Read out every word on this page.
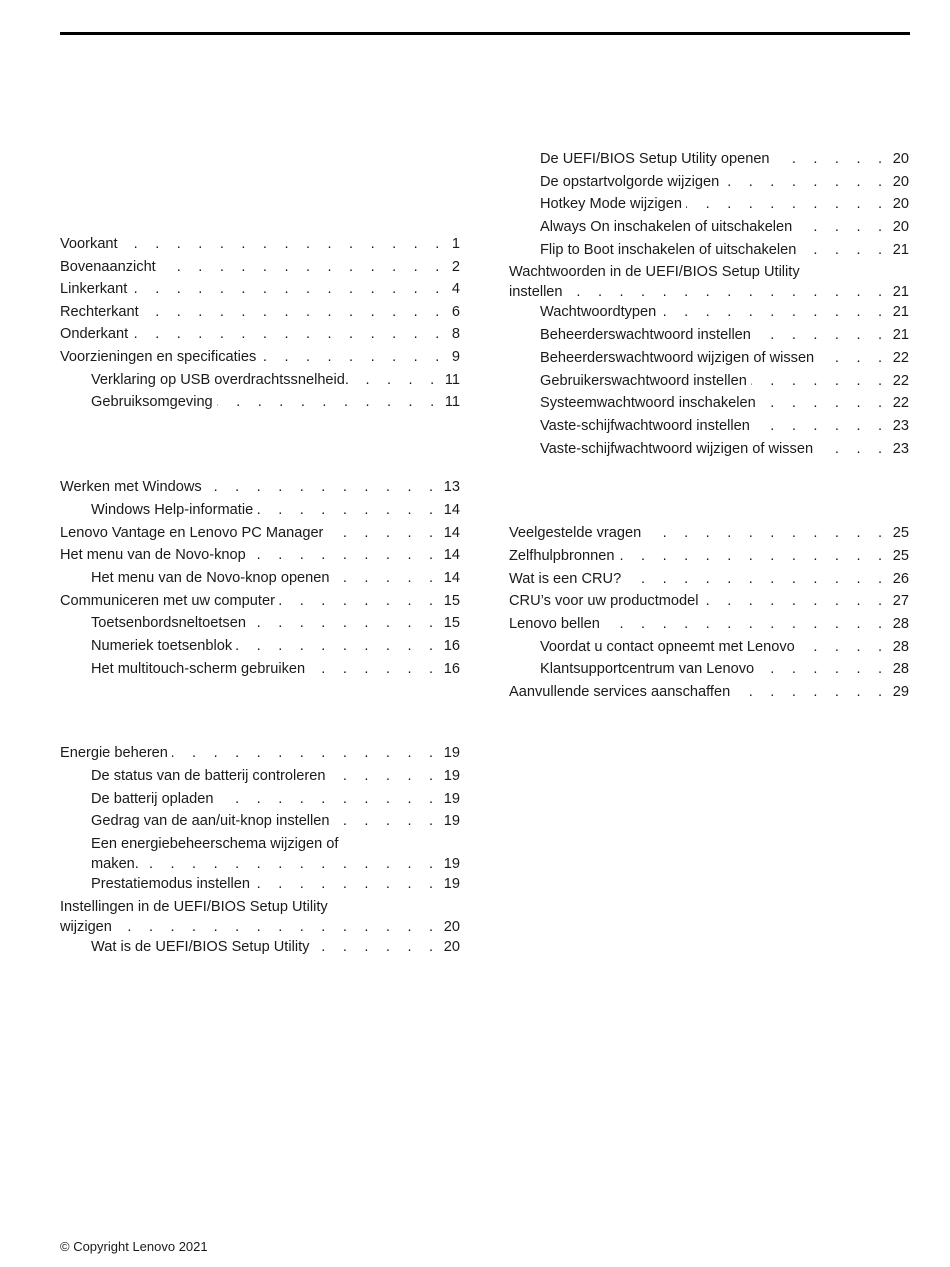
Voorkant . . .	1
Bovenaanzicht . . .	2
Linkerkant . . .	4
Rechterkant . . .	6
Onderkant . . .	8
Voorzieningen en specificaties . . .	9
Verklaring op USB overdrachtssnelheid. . . .	11
Gebruiksomgeving . . .	11
Werken met Windows . . .	13
Windows Help-informatie . . .	14
Lenovo Vantage en Lenovo PC Manager . . .	14
Het menu van de Novo-knop . . .	14
Het menu van de Novo-knop openen . . .	14
Communiceren met uw computer . . .	15
Toetsenbordsneltoetsen . . .	15
Numeriek toetsenblok . . .	16
Het multitouch-scherm gebruiken . . .	16
Energie beheren . . .	19
De status van de batterij controleren . . .	19
De batterij opladen . . .	19
Gedrag van de aan/uit-knop instellen . . .	19
Een energiebeheerschema wijzigen of
maken. . . .	19
Prestatiemodus instellen . . .	19
Instellingen in de UEFI/BIOS Setup Utility
wijzigen . . .	20
Wat is de UEFI/BIOS Setup Utility . . .	20
De UEFI/BIOS Setup Utility openen . . .	20
De opstartvolgorde wijzigen . . .	20
Hotkey Mode wijzigen . . .	20
Always On inschakelen of uitschakelen . . .	20
Flip to Boot inschakelen of uitschakelen . . .	21
Wachtwoorden in de UEFI/BIOS Setup Utility
instellen . . .	21
Wachtwoordtypen . . .	21
Beheerderswachtwoord instellen . . .	21
Beheerderswachtwoord wijzigen of wissen . . .	22
Gebruikerswachtwoord instellen . . .	22
Systeemwachtwoord inschakelen . . .	22
Vaste-schijfwachtwoord instellen . . .	23
Vaste-schijfwachtwoord wijzigen of wissen . . .	23
Veelgestelde vragen . . .	25
Zelfhulpbronnen . . .	25
Wat is een CRU? . . .	26
CRU’s voor uw productmodel . . .	27
Lenovo bellen . . .	28
Voordat u contact opneemt met Lenovo . . .	28
Klantsupportcentrum van Lenovo . . .	28
Aanvullende services aanschaffen . . .	29
© Copyright Lenovo 2021
